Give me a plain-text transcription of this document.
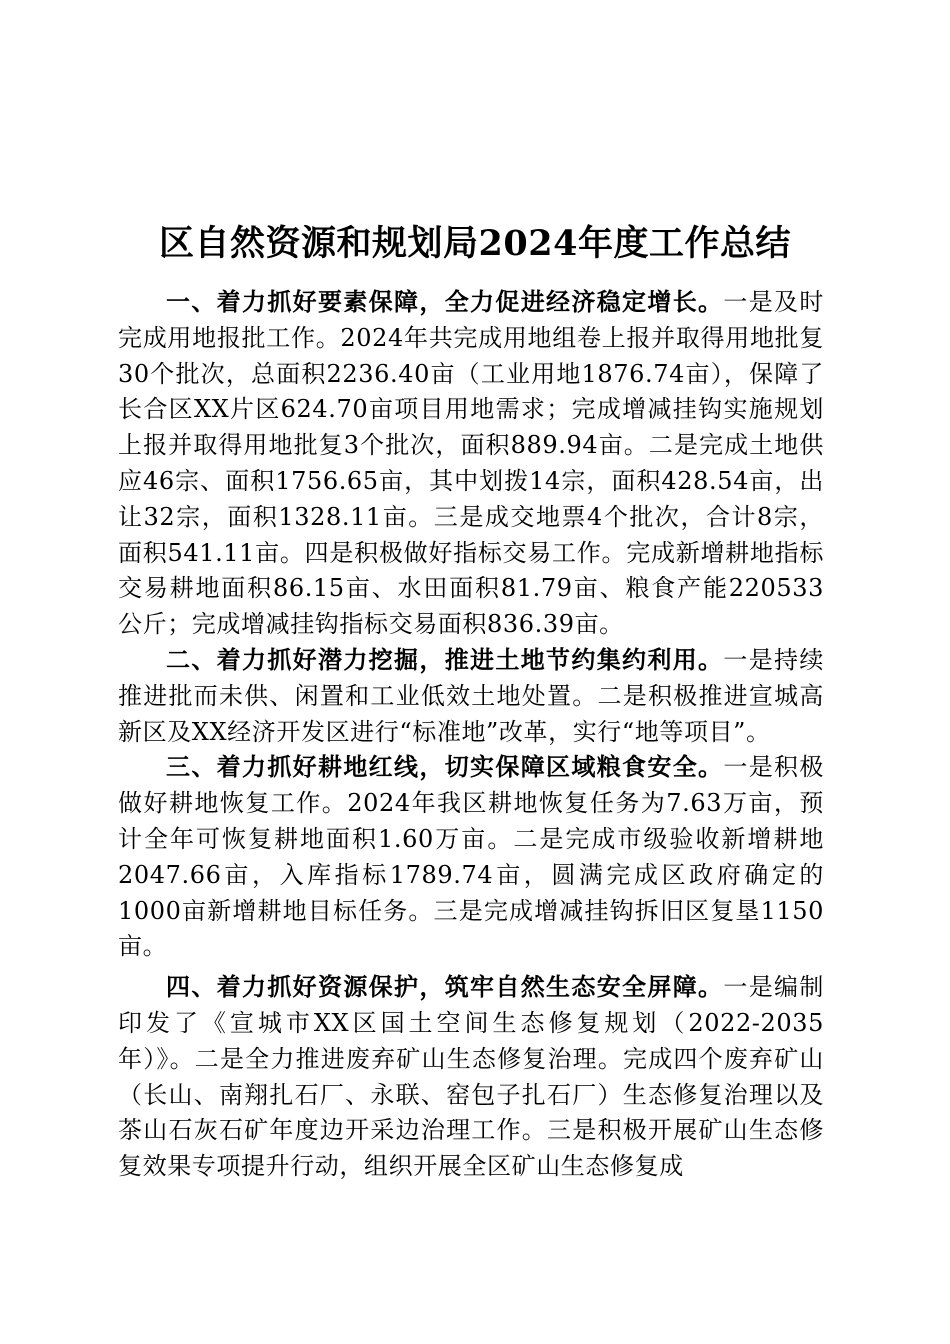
区自然资源和规划局2024年度工作总结

一、着力抓好要素保障，全力促进经济稳定增长。一是及时完成用地报批工作。2024年共完成用地组卷上报并取得用地批复30个批次，总面积2236.40亩（工业用地1876.74亩），保障了长合区XX片区624.70亩项目用地需求；完成增减挂钩实施规划上报并取得用地批复3个批次，面积889.94亩。二是完成土地供应46宗、面积1756.65亩，其中划拨14宗，面积428.54亩，出让32宗，面积1328.11亩。三是成交地票4个批次，合计8宗，面积541.11亩。四是积极做好指标交易工作。完成新增耕地指标交易耕地面积86.15亩、水田面积81.79亩、粮食产能220533公斤；完成增减挂钩指标交易面积836.39亩。

二、着力抓好潜力挖掘，推进土地节约集约利用。一是持续推进批而未供、闲置和工业低效土地处置。二是积极推进宣城高新区及XX经济开发区进行“标准地”改革，实行“地等项目”。

三、着力抓好耕地红线，切实保障区域粮食安全。一是积极做好耕地恢复工作。2024年我区耕地恢复任务为7.63万亩，预计全年可恢复耕地面积1.60万亩。二是完成市级验收新增耕地2047.66亩，入库指标1789.74亩，圆满完成区政府确定的1000亩新增耕地目标任务。三是完成增减挂钩拆旧区复垦1150亩。

四、着力抓好资源保护，筑牢自然生态安全屏障。一是编制印发了《宣城市XX区国土空间生态修复规划（2022-2035年）》。二是全力推进废弃矿山生态修复治理。完成四个废弃矿山（长山、南翔扎石厂、永联、窑包子扎石厂）生态修复治理以及茶山石灰石矿年度边开采边治理工作。三是积极开展矿山生态修复效果专项提升行动，组织开展全区矿山生态修复成
